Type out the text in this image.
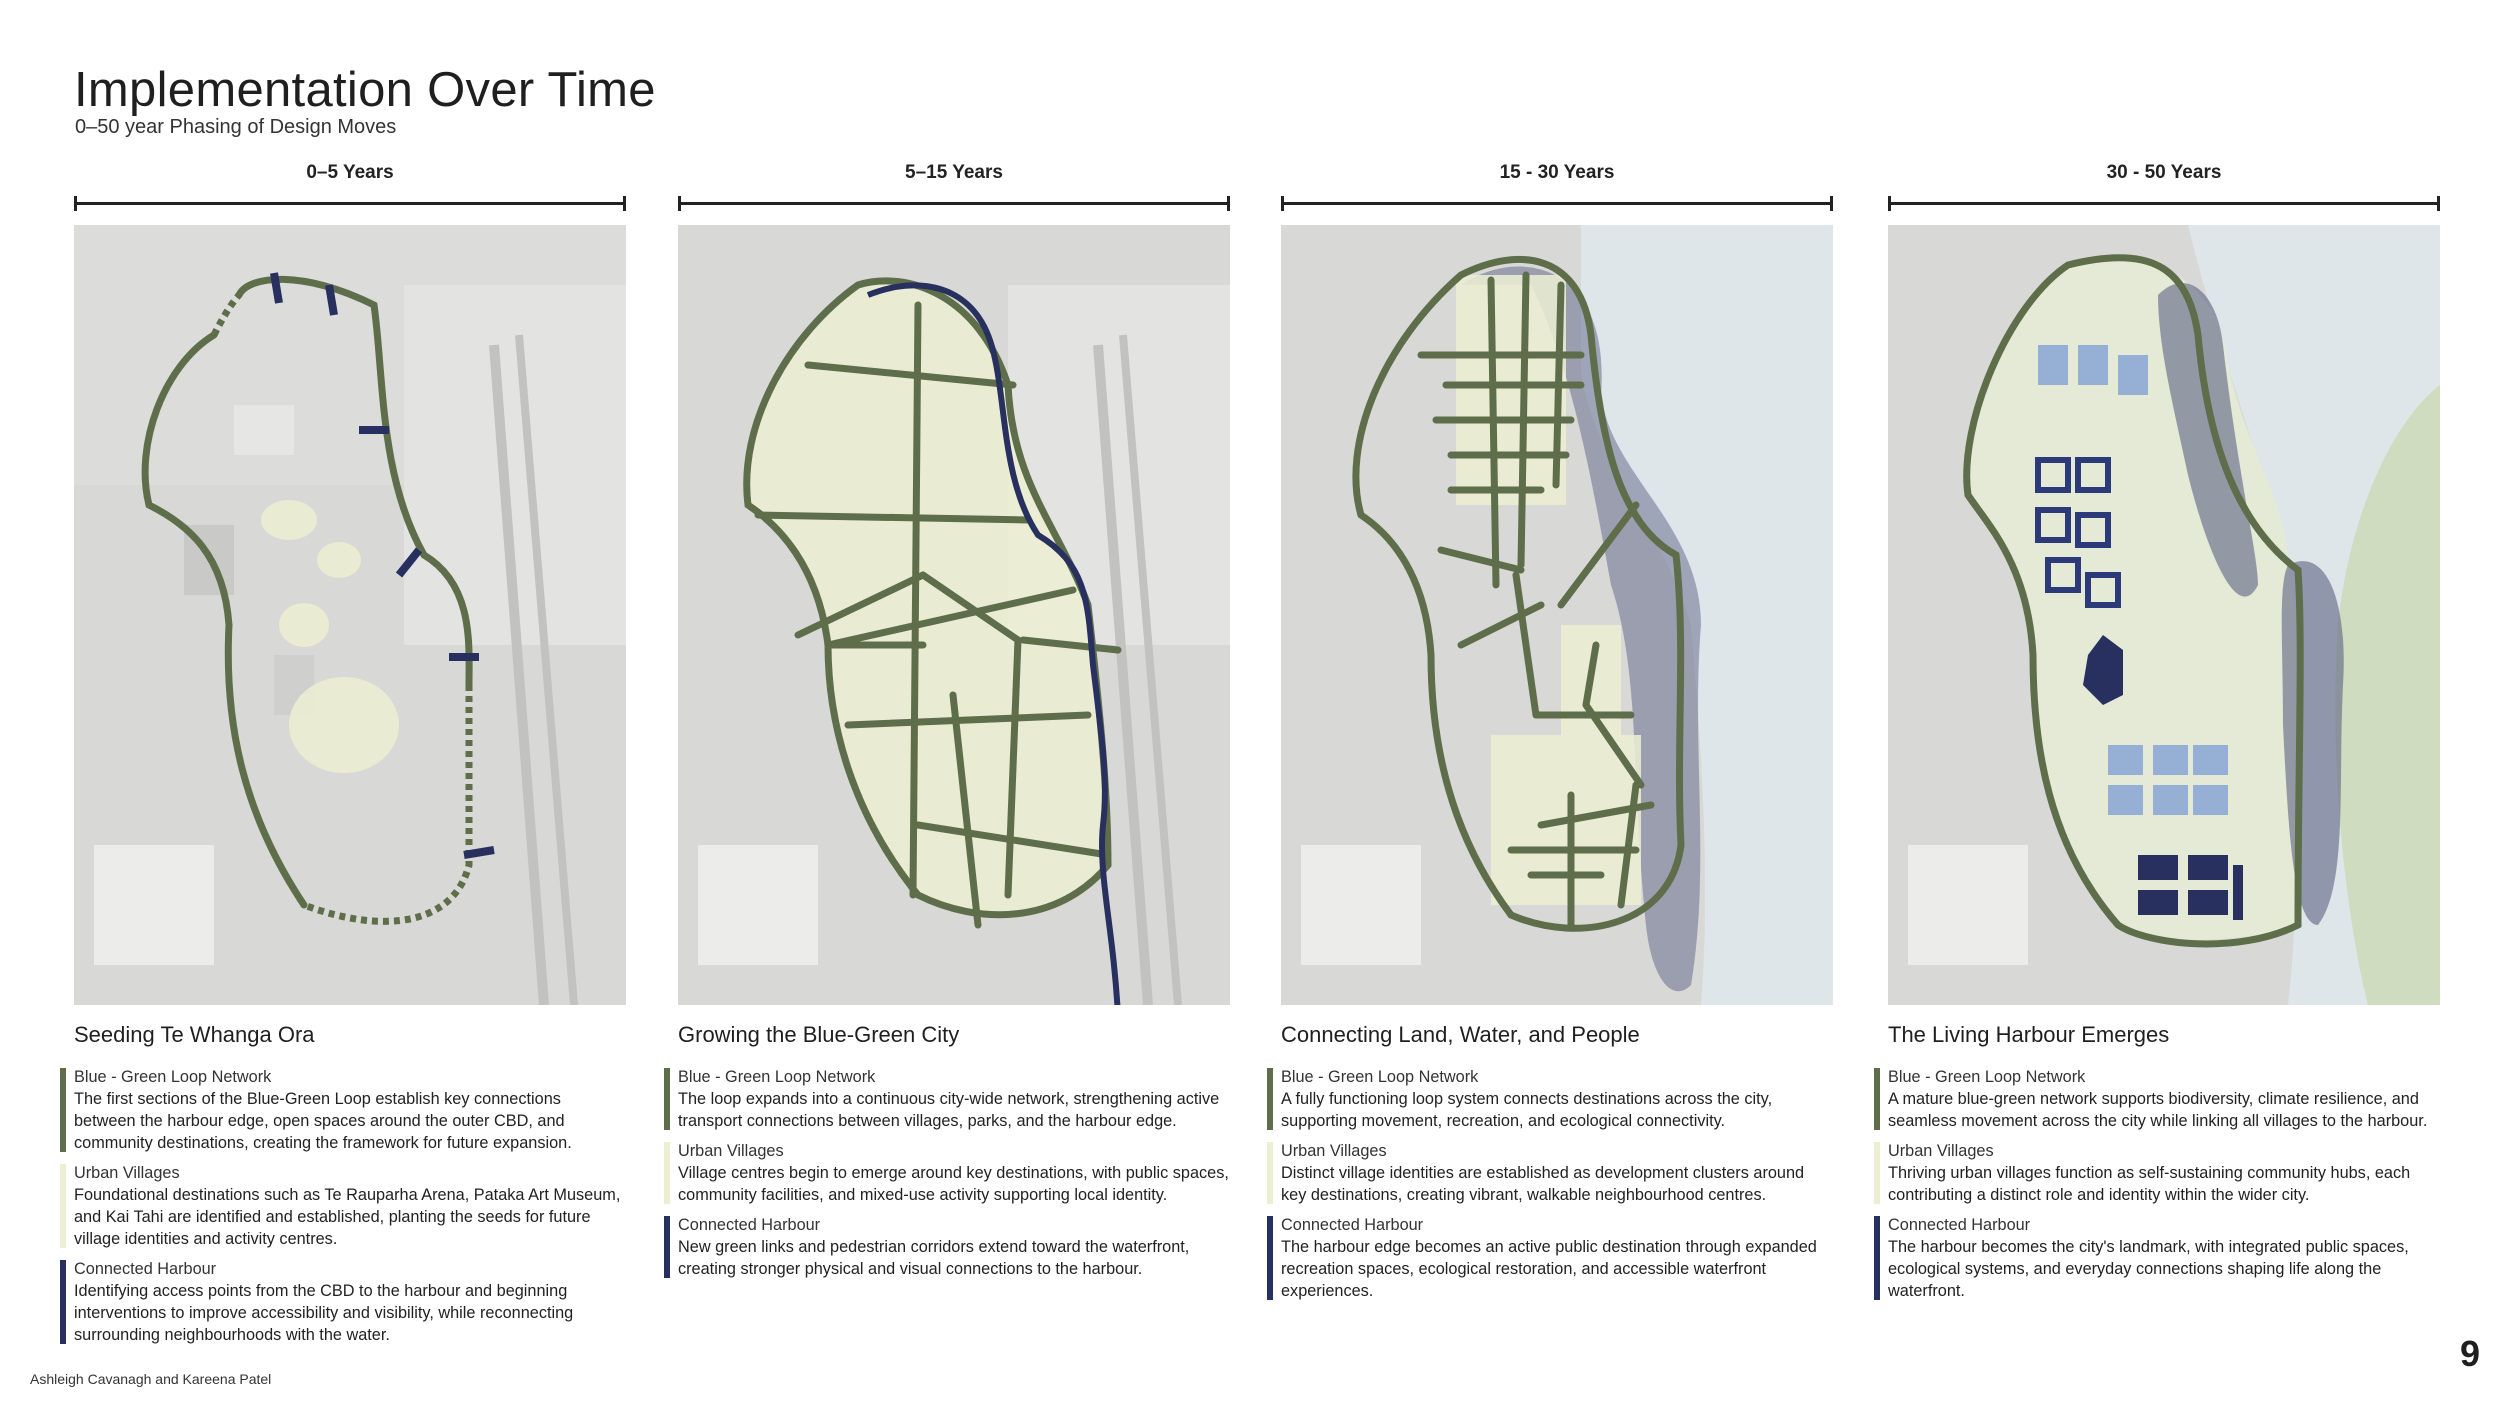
Implementation Over Time
0–50 year Phasing of Design Moves
0–5 Years
Seeding Te Whanga Ora
Blue - Green Loop Network
The first sections of the Blue-Green Loop establish key connections between the harbour edge, open spaces around the outer CBD, and community destinations, creating the framework for future expansion.
Urban Villages
Foundational destinations such as Te Rauparha Arena, Pataka Art Museum, and Kai Tahi are identified and established, planting the seeds for future village identities and activity centres.
Connected Harbour
Identifying access points from the CBD to the harbour and beginning interventions to improve accessibility and visibility, while reconnecting surrounding neighbourhoods with the water.
5–15 Years
Growing the Blue-Green City
Blue - Green Loop Network
The loop expands into a continuous city-wide network, strengthening active transport connections between villages, parks, and the harbour edge.
Urban Villages
Village centres begin to emerge around key destinations, with public spaces, community facilities, and mixed-use activity supporting local identity.
Connected Harbour
New green links and pedestrian corridors extend toward the waterfront, creating stronger physical and visual connections to the harbour.
15 - 30 Years
Connecting Land, Water, and People
Blue - Green Loop Network
A fully functioning loop system connects destinations across the city, supporting movement, recreation, and ecological connectivity.
Urban Villages
Distinct village identities are established as development clusters around key destinations, creating vibrant, walkable neighbourhood centres.
Connected Harbour
The harbour edge becomes an active public destination through expanded recreation spaces, ecological restoration, and accessible waterfront experiences.
30 - 50 Years
The Living Harbour Emerges
Blue - Green Loop Network
A mature blue-green network supports biodiversity, climate resilience, and seamless movement across the city while linking all villages to the harbour.
Urban Villages
Thriving urban villages function as self-sustaining community hubs, each contributing a distinct role and identity within the wider city.
Connected Harbour
The harbour becomes the city's landmark, with integrated public spaces, ecological systems, and everyday connections shaping life along the waterfront.
Ashleigh Cavanagh and Kareena Patel
9
